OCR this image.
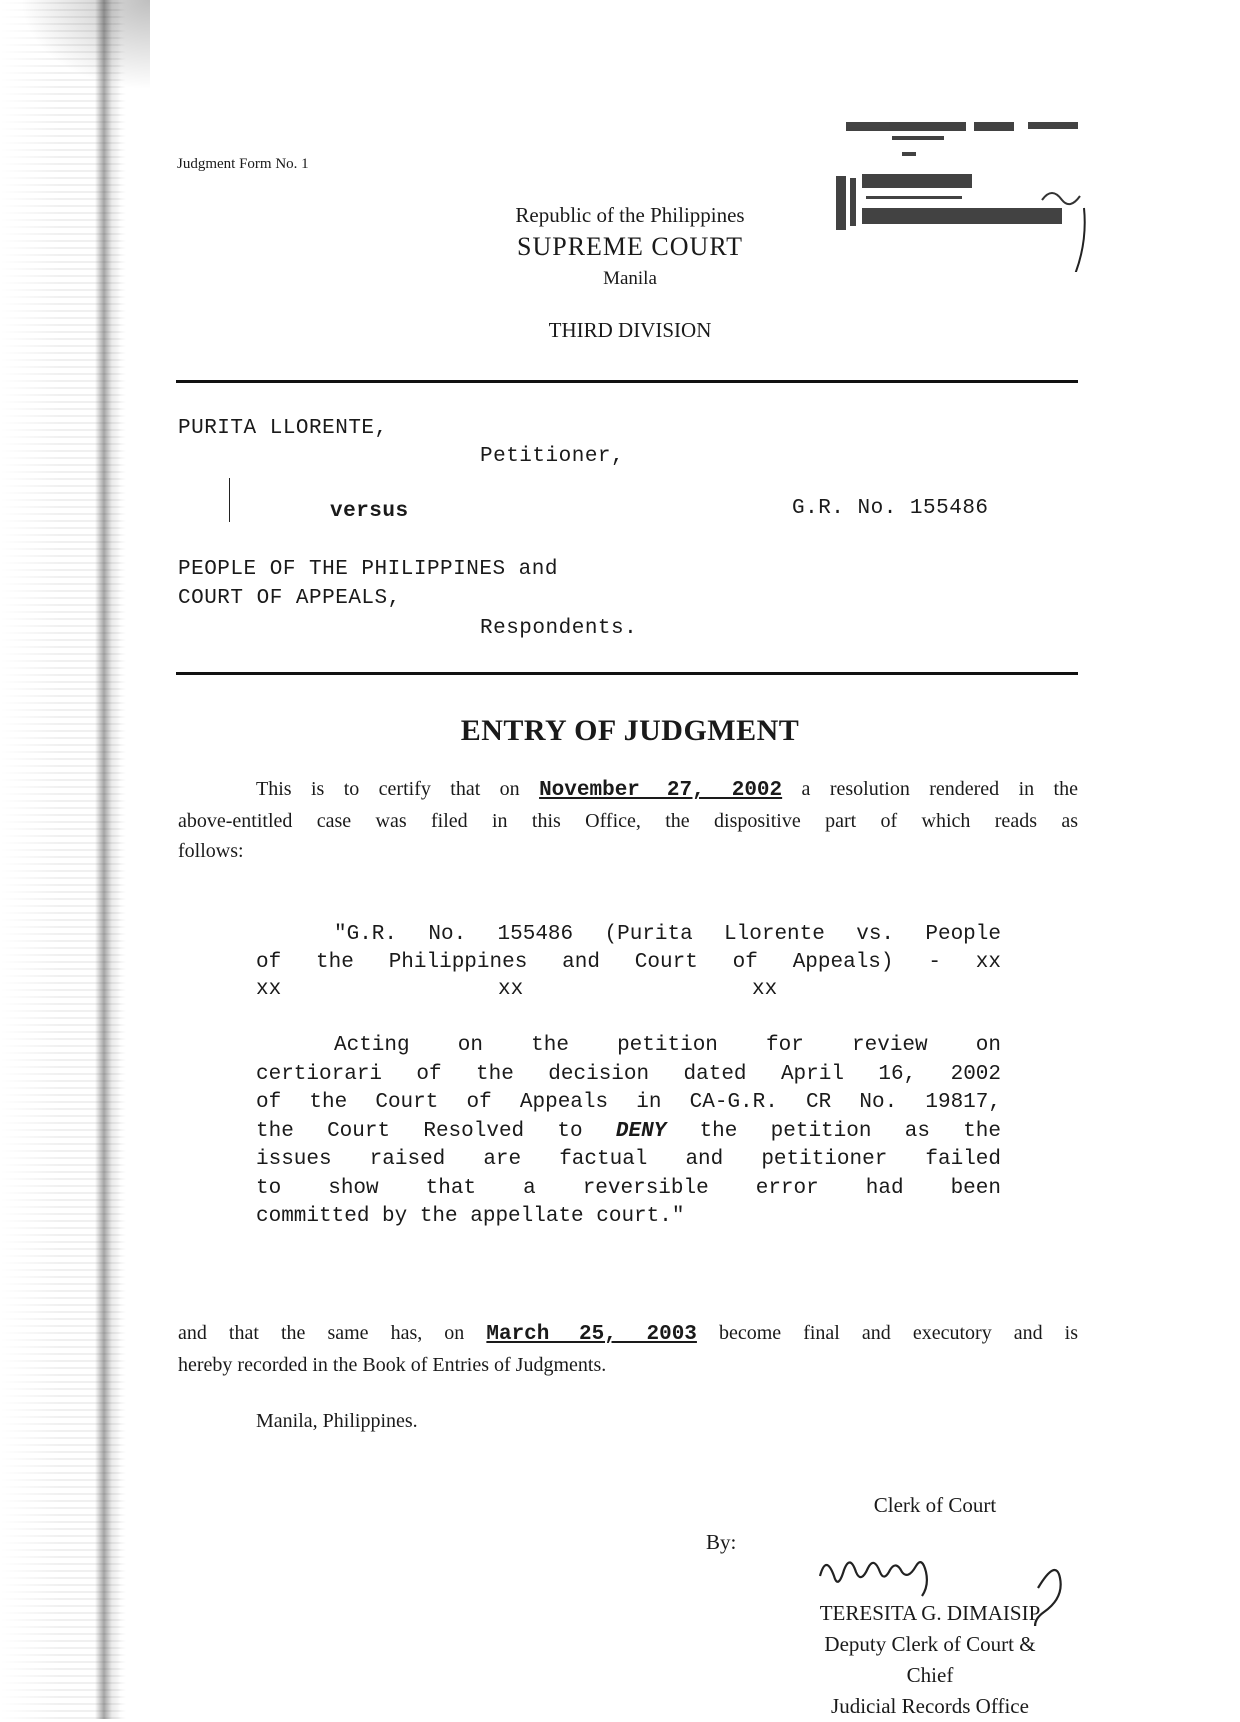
Judgment Form No. 1
Republic of the Philippines
SUPREME COURT
Manila
THIRD DIVISION
PURITA LLORENTE,
Petitioner,
versus	G.R. No. 155486
PEOPLE OF THE PHILIPPINES and
COURT OF APPEALS,
Respondents.
ENTRY OF JUDGMENT
This is to certify that on November 27, 2002 a resolution rendered in the
above-entitled case was filed in this Office, the dispositive part of which reads as
follows:
"G.R. No. 155486 (Purita Llorente vs. People
of the Philippines and Court of Appeals) - xx
xx	xx	xx
Acting on the petition for review on
certiorari of the decision dated April 16, 2002
of the Court of Appeals in CA-G.R. CR No. 19817,
the Court Resolved to DENY the petition as the
issues raised are factual and petitioner failed
to show that a reversible error had been
committed by the appellate court."
and that the same has, on March 25, 2003 become final and executory and is
hereby recorded in the Book of Entries of Judgments.
Manila, Philippines.
Clerk of Court
By:
TERESITA G. DIMAISIP
Deputy Clerk of Court &
Chief
Judicial Records Office
